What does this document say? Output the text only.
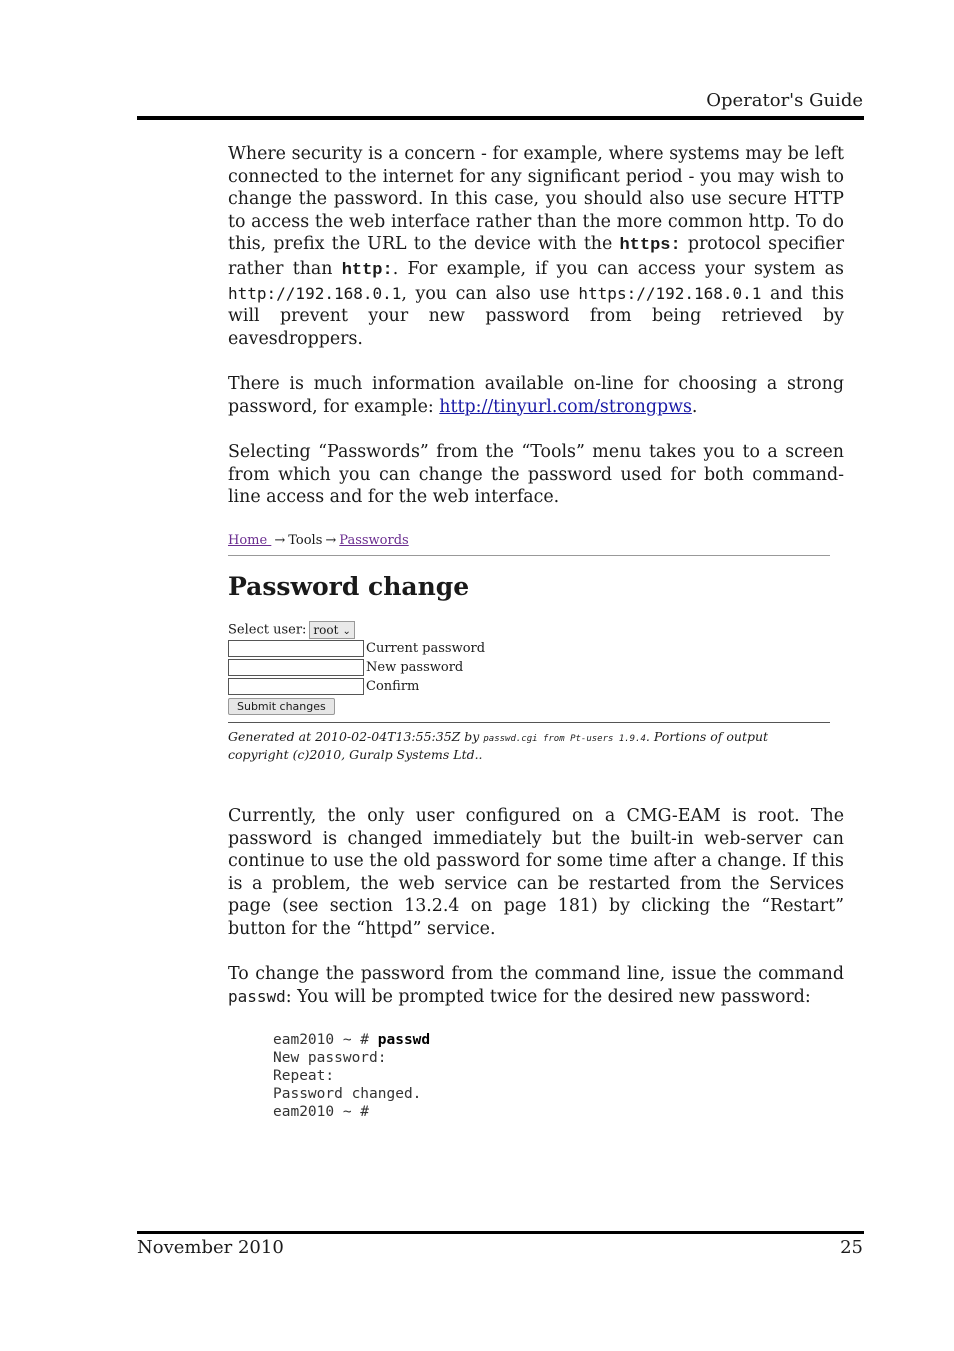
Operator's Guide
Where security is a concern - for example, where systems may be left connected to the internet for any significant period - you may wish to change the password. In this case, you should also use secure HTTP to access the web interface rather than the more common http. To do this, prefix the URL to the device with the https: protocol specifier rather than http:. For example, if you can access your system as http://192.168.0.1, you can also use https://192.168.0.1 and this will prevent your new password from being retrieved by eavesdroppers.
There is much information available on-line for choosing a strong password, for example: http://tinyurl.com/strongpws.
Selecting “Passwords” from the “Tools” menu takes you to a screen from which you can change the password used for both command-line access and for the web interface.
Home → Tools → Passwords
Password change
Select user: root ⌄
Current password
New password
Confirm
Submit changes
Generated at 2010-02-04T13:55:35Z by passwd.cgi from Pt-users 1.9.4. Portions of output copyright (c)2010, Guralp Systems Ltd..
Currently, the only user configured on a CMG-EAM is root. The password is changed immediately but the built-in web-server can continue to use the old password for some time after a change. If this is a problem, the web service can be restarted from the Services page (see section 13.2.4 on page 181) by clicking the “Restart” button for the “httpd” service.
To change the password from the command line, issue the command passwd: You will be prompted twice for the desired new password:
eam2010 ~ # passwd
New password:
Repeat:
Password changed.
eam2010 ~ #
November 2010	25
